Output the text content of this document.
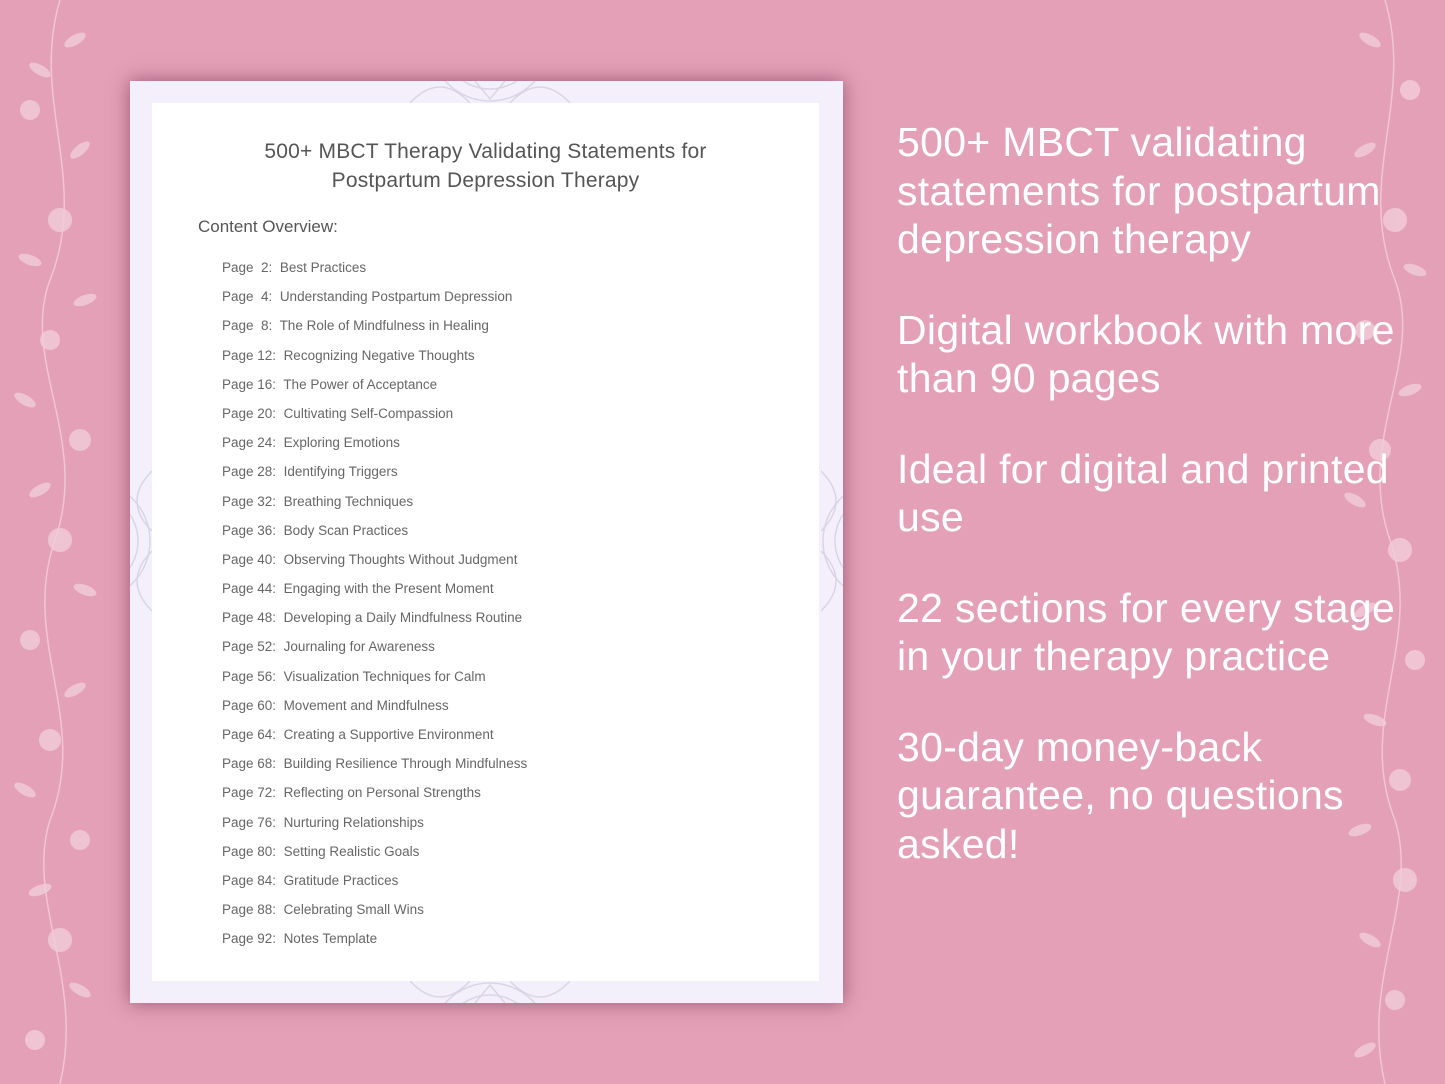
500+ MBCT Therapy Validating Statements for
Postpartum Depression Therapy
Content Overview:
Page  2: Best Practices
Page  4: Understanding Postpartum Depression
Page  8: The Role of Mindfulness in Healing
Page 12: Recognizing Negative Thoughts
Page 16: The Power of Acceptance
Page 20: Cultivating Self-Compassion
Page 24: Exploring Emotions
Page 28: Identifying Triggers
Page 32: Breathing Techniques
Page 36: Body Scan Practices
Page 40: Observing Thoughts Without Judgment
Page 44: Engaging with the Present Moment
Page 48: Developing a Daily Mindfulness Routine
Page 52: Journaling for Awareness
Page 56: Visualization Techniques for Calm
Page 60: Movement and Mindfulness
Page 64: Creating a Supportive Environment
Page 68: Building Resilience Through Mindfulness
Page 72: Reflecting on Personal Strengths
Page 76: Nurturing Relationships
Page 80: Setting Realistic Goals
Page 84: Gratitude Practices
Page 88: Celebrating Small Wins
Page 92: Notes Template
500+ MBCT validating statements for postpartum depression therapy
Digital workbook with more than 90 pages
Ideal for digital and printed use
22 sections for every stage in your therapy practice
30-day money-back guarantee, no questions asked!
